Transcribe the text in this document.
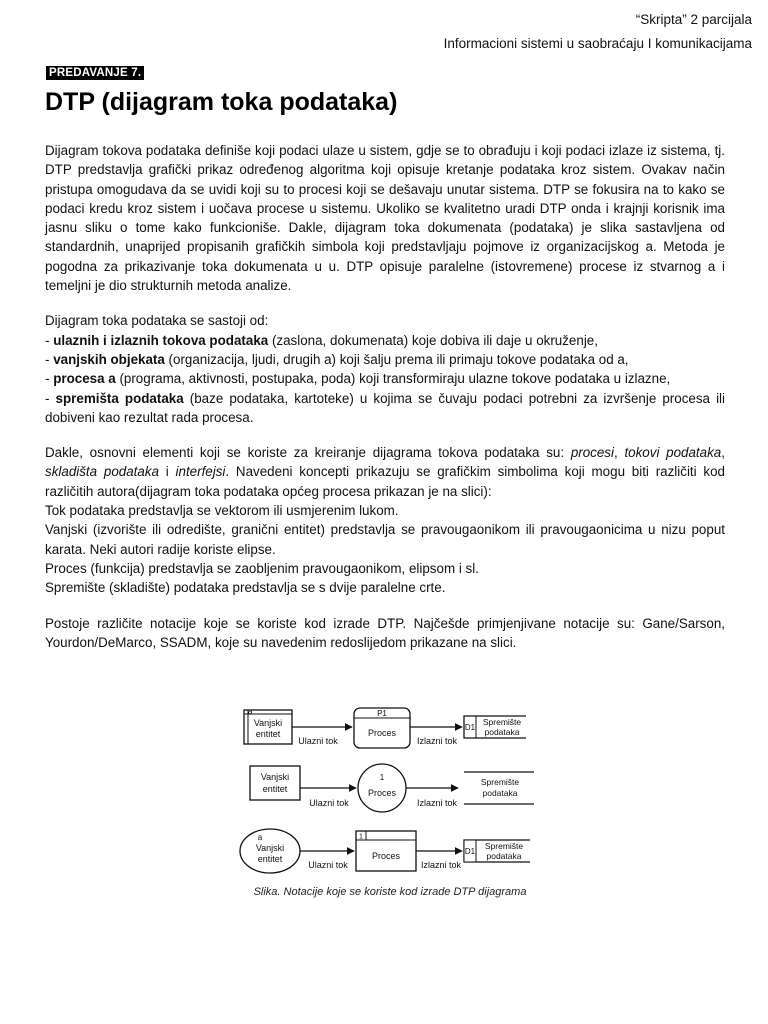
“Skripta” 2 parcijala
Informacioni sistemi u saobraćaju I komunikacijama
PREDAVANJE 7.
DTP (dijagram toka podataka)

Dijagram tokova podataka definiše koji podaci ulaze u sistem, gdje se to obrađuju i koji podaci izlaze iz sistema, tj. DTP predstavlja grafički prikaz određenog algoritma koji opisuje kretanje podataka kroz sistem. Ovakav način pristupa omogudava da se uvidi koji su to procesi koji se dešavaju unutar sistema. DTP se fokusira na to kako se podaci kredu kroz sistem i uočava procese u sistemu. Ukoliko se kvalitetno uradi DTP onda i krajnji korisnik ima jasnu sliku o tome kako funkcioniše. Dakle, dijagram toka dokumenata (podataka) je slika sastavljena od standardnih, unaprijed propisanih grafičkih simbola koji predstavljaju pojmove iz organizacijskog a. Metoda je pogodna za prikazivanje toka dokumenata u u. DTP opisuje paralelne (istovremene) procese iz stvarnog a i temeljni je dio strukturnih metoda analize.

Dijagram toka podataka se sastoji od:

- ulaznih i izlaznih tokova podataka (zaslona, dokumenata) koje dobiva ili daje u okruženje,

- vanjskih objekata (organizacija, ljudi, drugih a) koji šalju prema ili primaju tokove podataka od a,

- procesa a (programa, aktivnosti, postupaka, poda) koji transformiraju ulazne tokove podataka u izlazne,

- spremišta podataka (baze podataka, kartoteke) u kojima se čuvaju podaci potrebni za izvršenje procesa ili dobiveni kao rezultat rada procesa.

Dakle, osnovni elementi koji se koriste za kreiranje dijagrama tokova podataka su: procesi, tokovi podataka, skladišta podataka i interfejsi. Navedeni koncepti prikazuju se grafičkim simbolima koji mogu biti različiti kod različitih autora(dijagram toka podataka općeg procesa prikazan je na slici):

Tok podataka predstavlja se vektorom ili usmjerenim lukom.

Vanjski (izvorište ili odredište, granični entitet) predstavlja se pravougaonikom ili pravougaonicima u nizu poput karata. Neki autori radije koriste elipse.

Proces (funkcija) predstavlja se zaobljenim pravougaonikom, elipsom i sl.

Spremište (skladište) podataka predstavlja se s dvije paralelne crte.

Postoje različite notacije koje se koriste kod izrade DTP. Najčešde primjenjivane notacije su: Gane/Sarson, Yourdon/DeMarco, SSADM, koje su navedenim redoslijedom prikazane na slici.

a
Vanjski
entitet
Ulazni tok
P1
Proces
Izlazni tok
D1
Spremište
podataka
Vanjski
entitet
Ulazni tok
1
Proces
Izlazni tok
Spremište
podataka
a
Vanjski
entitet
Ulazni tok
1
Proces
Izlazni tok
D1
Spremište
podataka
Slika. Notacije koje se koriste kod izrade DTP dijagrama
